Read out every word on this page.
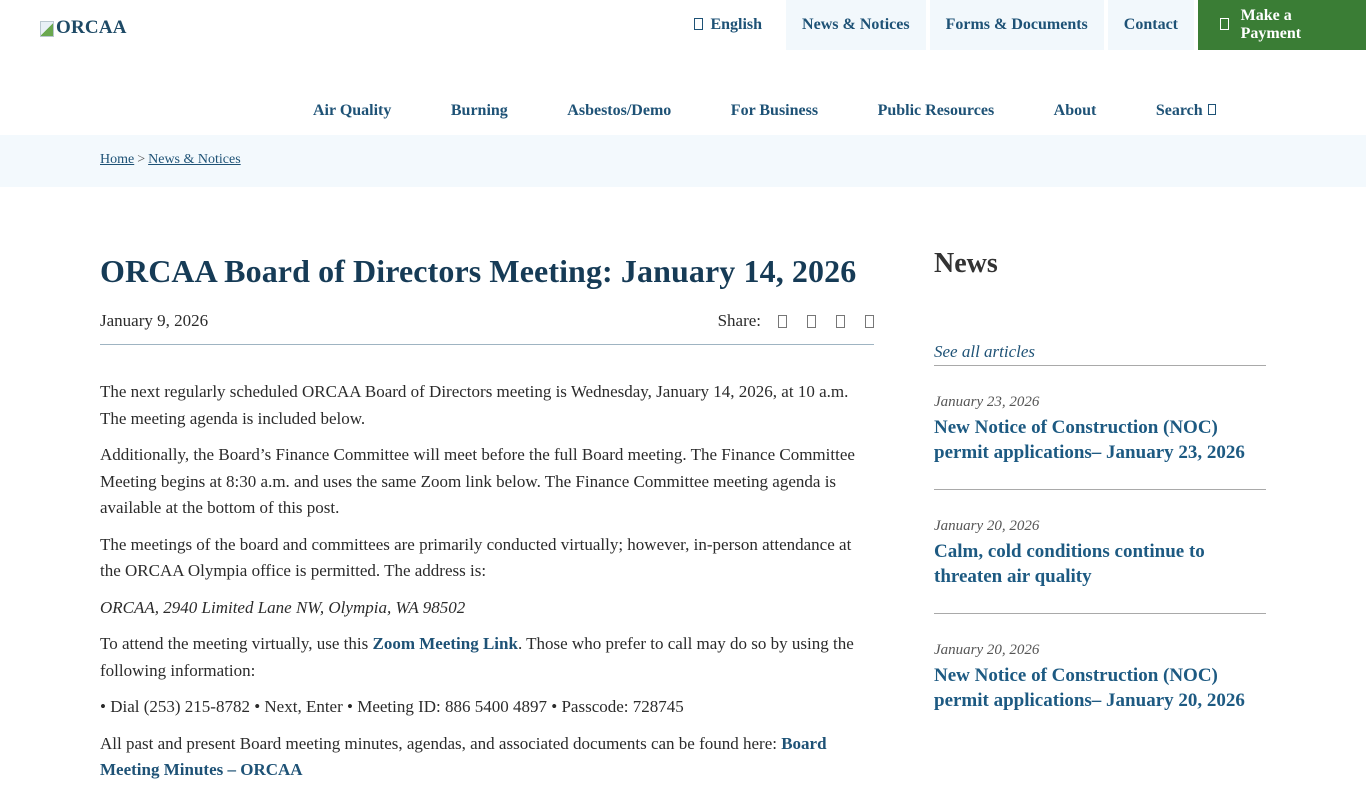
ORCAA	English	News & Notices	Forms & Documents	Contact
Make a Payment
Air Quality	Burning	Asbestos/Demo	For Business	Public Resources	About	Search
Home > News & Notices
ORCAA Board of Directors Meeting: January 14, 2026
January 9, 2026	Share:

The next regularly scheduled ORCAA Board of Directors meeting is Wednesday, January 14, 2026, at 10 a.m. The meeting agenda is included below.

Additionally, the Board’s Finance Committee will meet before the full Board meeting. The Finance Committee Meeting begins at 8:30 a.m. and uses the same Zoom link below. The Finance Committee meeting agenda is available at the bottom of this post.

The meetings of the board and committees are primarily conducted virtually; however, in-person attendance at the ORCAA Olympia office is permitted. The address is:

ORCAA, 2940 Limited Lane NW, Olympia, WA 98502

To attend the meeting virtually, use this Zoom Meeting Link. Those who prefer to call may do so by using the following information:

• Dial (253) 215-8782 • Next, Enter • Meeting ID: 886 5400 4897 • Passcode: 728745

All past and present Board meeting minutes, agendas, and associated documents can be found here: Board Meeting Minutes – ORCAA

News
See all articles
January 23, 2026
New Notice of Construction (NOC) permit applications– January 23, 2026
January 20, 2026
Calm, cold conditions continue to threaten air quality
January 20, 2026
New Notice of Construction (NOC) permit applications– January 20, 2026
